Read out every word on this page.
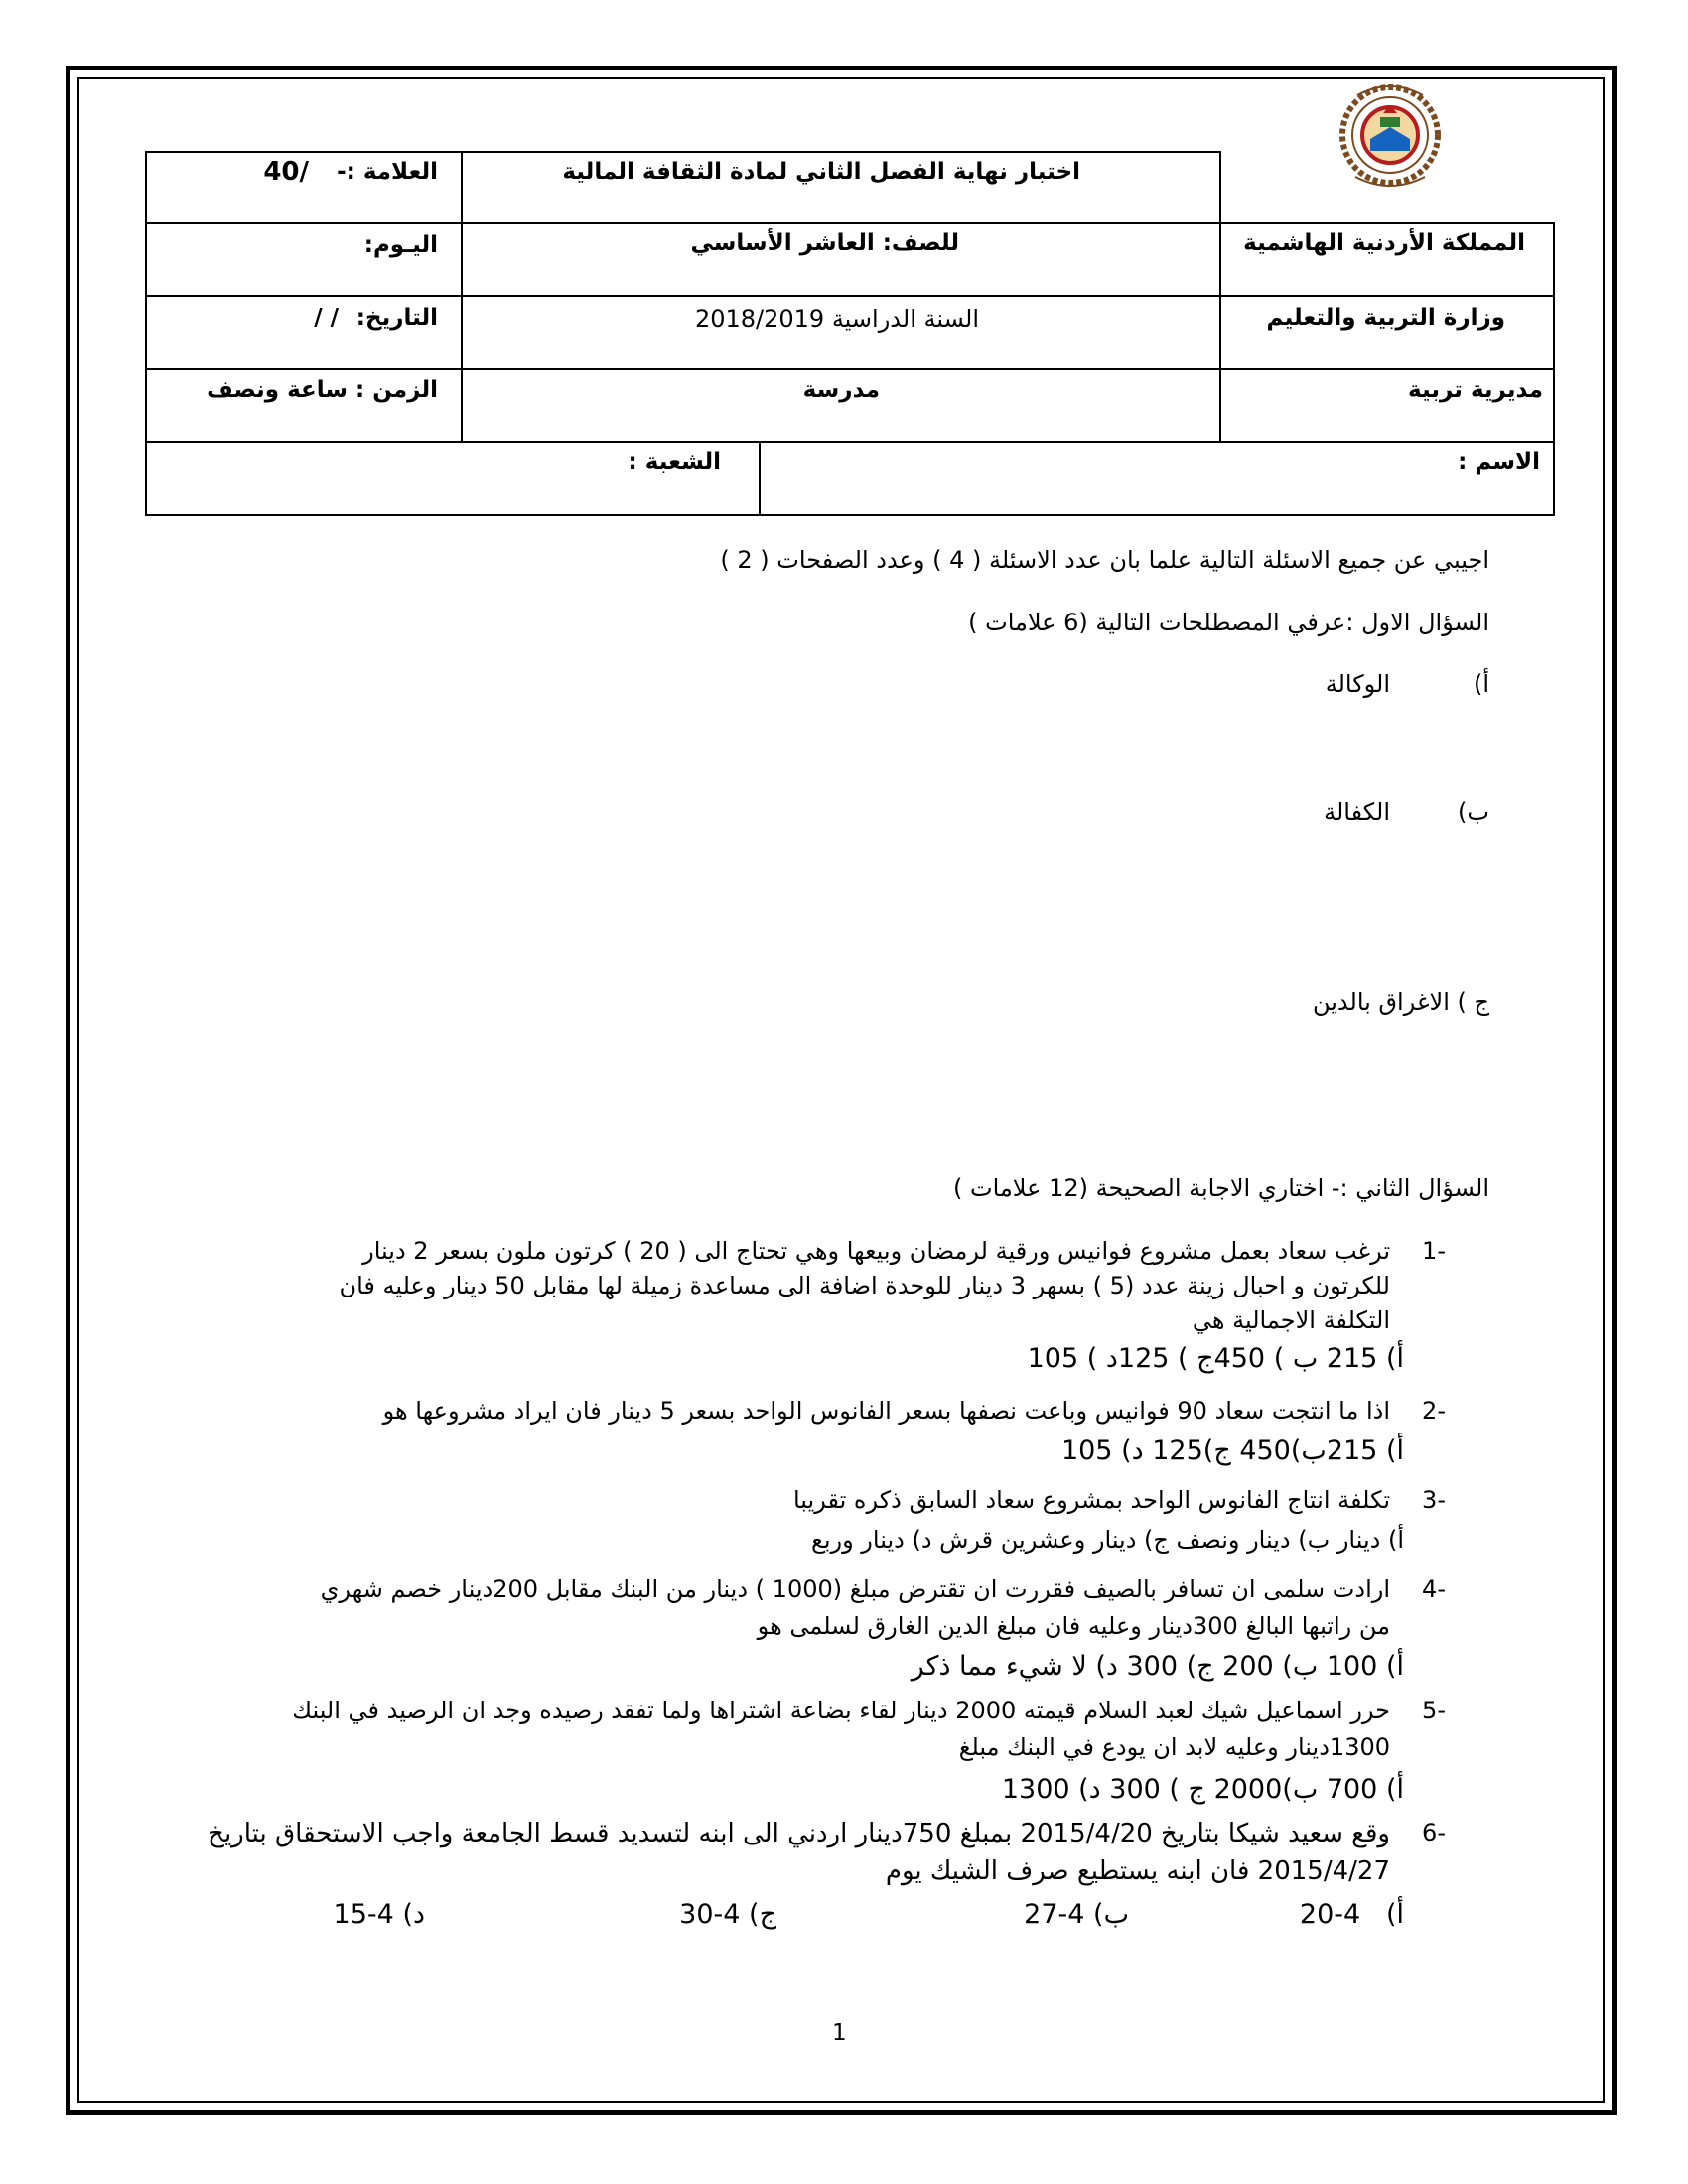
المملكة الأردنية الهاشمية
وزارة التربية والتعليم
مديرية تربية
اختبار نهاية الفصل الثاني لمادة الثقافة المالية
للصف: العاشر الأساسي
السنة الدراسية 2018/2019
مدرسة
العلامة :-
40/
اليـوم:
التاريخ:
/ /
الزمن : ساعة ونصف
الاسم :
الشعبة :
اجيبي عن جميع الاسئلة التالية علما بان عدد الاسئلة ( 4 ) وعدد الصفحات ( 2 )
السؤال الاول :عرفي المصطلحات التالية (6 علامات )
أ)
الوكالة
ب)
الكفالة
ج ) الاغراق بالدين
السؤال الثاني :- اختاري الاجابة الصحيحة (12 علامات )
-1
ترغب سعاد بعمل مشروع فوانيس ورقية لرمضان وبيعها وهي تحتاج الى ( 20 ) كرتون ملون بسعر 2 دينار
للكرتون و احبال زينة عدد (5 ) بسهر 3 دينار للوحدة اضافة الى مساعدة زميلة لها مقابل 50 دينار وعليه فان
التكلفة الاجمالية هي
أ) 215 ب ) 450ج ) 125د ) 105
-2
اذا ما انتجت سعاد 90 فوانيس وباعت نصفها بسعر الفانوس الواحد بسعر 5 دينار فان ايراد مشروعها هو
أ) 215ب)450 ج)125 د) 105
-3
تكلفة انتاج الفانوس الواحد بمشروع سعاد السابق ذكره تقريبا
أ) دينار ب) دينار ونصف ج) دينار وعشرين قرش د) دينار وربع
-4
ارادت سلمى ان تسافر بالصيف فقررت ان تقترض مبلغ (1000 ) دينار من البنك مقابل 200دينار خصم شهري
من راتبها البالغ 300دينار وعليه فان مبلغ الدين الغارق لسلمى هو
أ) 100 ب) 200 ج) 300 د) لا شيء مما ذكر
-5
حرر اسماعيل شيك لعبد السلام قيمته 2000 دينار لقاء بضاعة اشتراها ولما تفقد رصيده وجد ان الرصيد في البنك
1300دينار وعليه لابد ان يودع في البنك مبلغ
أ) 700 ب)2000 ج ) 300 د) 1300
-6
وقع سعيد شيكا بتاريخ 2015/4/20 بمبلغ 750دينار اردني الى ابنه لتسديد قسط الجامعة واجب الاستحقاق بتاريخ
2015/4/27 فان ابنه يستطيع صرف الشيك يوم
أ)   4-20
ب) 4-27
ج) 4-30
د) 4-15
1
